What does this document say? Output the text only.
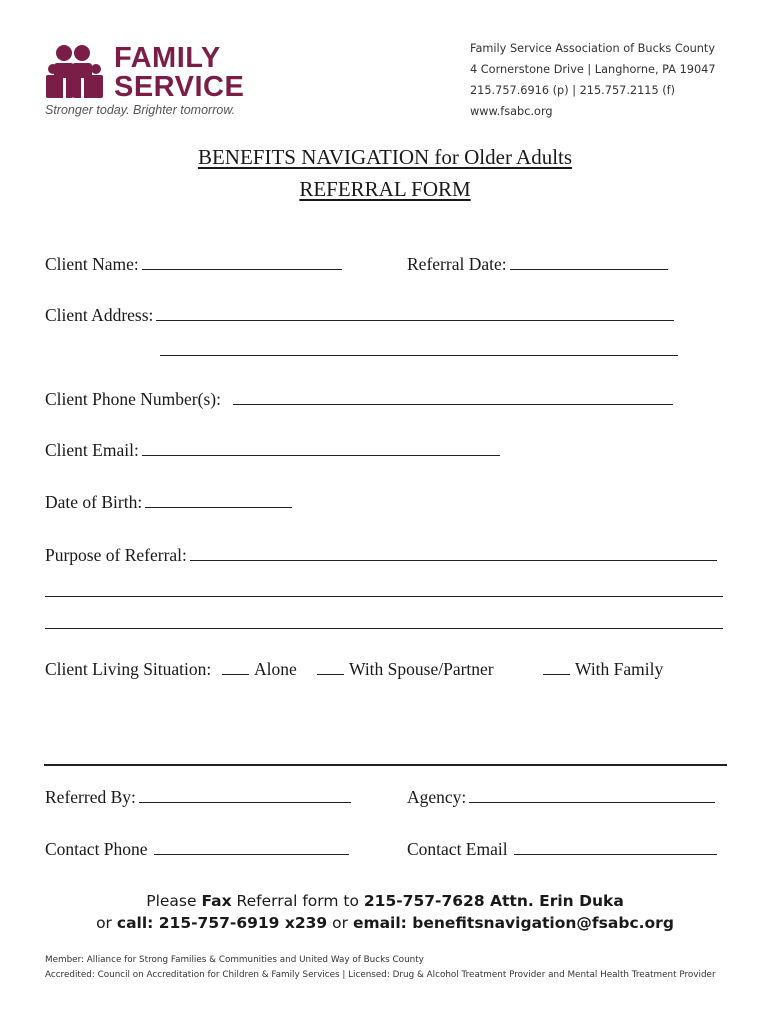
FAMILY
SERVICE
Stronger today. Brighter tomorrow.
Family Service Association of Bucks County
4 Cornerstone Drive | Langhorne, PA 19047
215.757.6916 (p) | 215.757.2115 (f)
www.fsabc.org
BENEFITS NAVIGATION for Older Adults
REFERRAL FORM
Client Name:	Referral Date:
Client Address:
Client Phone Number(s):
Client Email:
Date of Birth:
Purpose of Referral:
Client Living Situation:	Alone	With Spouse/Partner	With Family
Referred By:	Agency:
Contact Phone	Contact Email
Please Fax Referral form to 215-757-7628 Attn. Erin Duka
or call: 215-757-6919 x239 or email: benefitsnavigation@fsabc.org
Member: Alliance for Strong Families & Communities and United Way of Bucks County
Accredited: Council on Accreditation for Children & Family Services | Licensed: Drug & Alcohol Treatment Provider and Mental Health Treatment Provider
